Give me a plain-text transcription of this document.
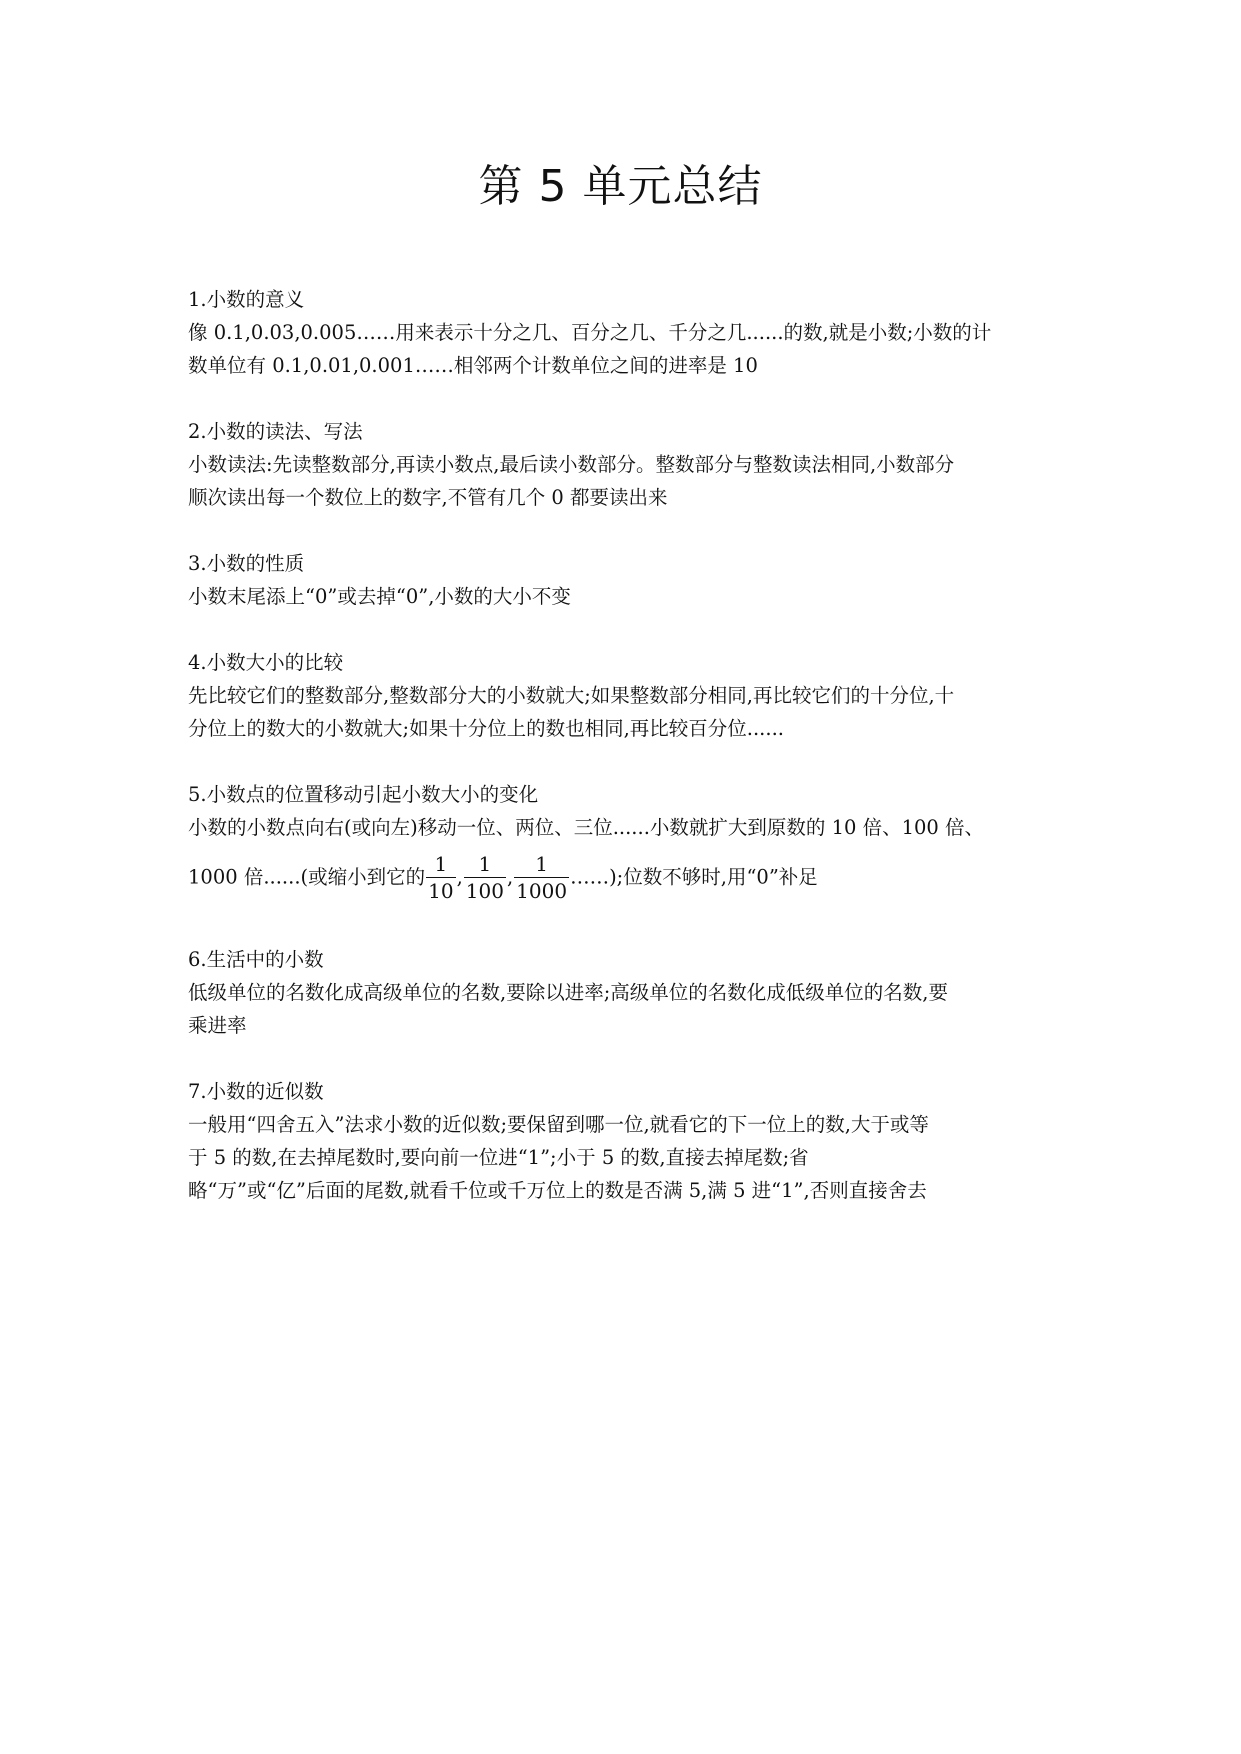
第 5 单元总结
1.小数的意义
像 0.1,0.03,0.005……用来表示十分之几、百分之几、千分之几......的数,就是小数;小数的计
数单位有 0.1,0.01,0.001……相邻两个计数单位之间的进率是 10
2.小数的读法、写法
小数读法:先读整数部分,再读小数点,最后读小数部分。整数部分与整数读法相同,小数部分
顺次读出每一个数位上的数字,不管有几个 0 都要读出来
3.小数的性质
小数末尾添上“0”或去掉“0”,小数的大小不变
4.小数大小的比较
先比较它们的整数部分,整数部分大的小数就大;如果整数部分相同,再比较它们的十分位,十
分位上的数大的小数就大;如果十分位上的数也相同,再比较百分位......
5.小数点的位置移动引起小数大小的变化
小数的小数点向右(或向左)移动一位、两位、三位......小数就扩大到原数的 10 倍、100 倍、
1000 倍......(或缩小到它的 $\frac{1}{10}$ , $\frac{1}{100}$ , $\frac{1}{1000}$ ……);位数不够时,用“0”补足
6.生活中的小数
低级单位的名数化成高级单位的名数,要除以进率;高级单位的名数化成低级单位的名数,要
乘进率
7.小数的近似数
一般用“四舍五入”法求小数的近似数;要保留到哪一位,就看它的下一位上的数,大于或等
于 5 的数,在去掉尾数时,要向前一位进“1”;小于 5 的数,直接去掉尾数;省
略“万”或“亿”后面的尾数,就看千位或千万位上的数是否满 5,满 5 进“1”,否则直接舍去
